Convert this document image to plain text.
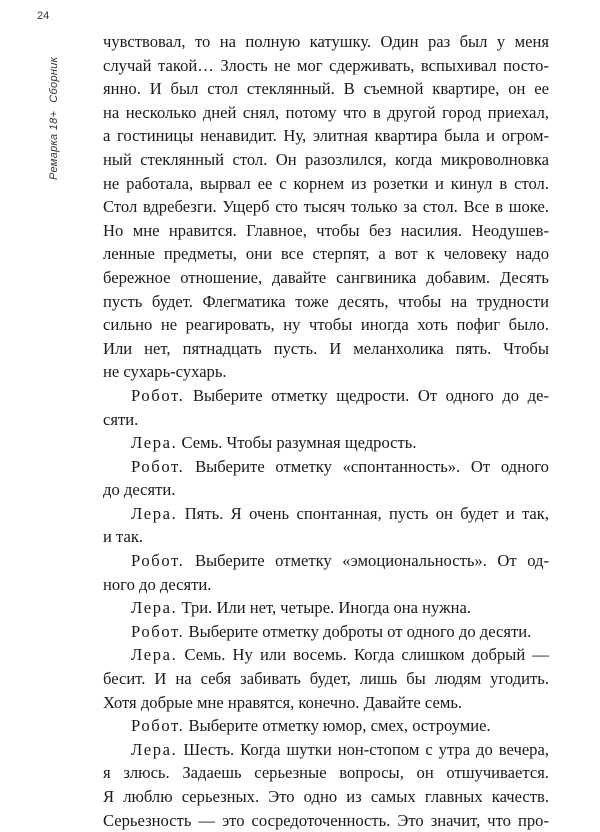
24
Ремарка 18+Сборник
чувствовал, то на полную катушку. Один раз был у меня
случай такой… Злость не мог сдерживать, вспыхивал посто-
янно. И был стол стеклянный. В съемной квартире, он ее
на несколько дней снял, потому что в другой город приехал,
а гостиницы ненавидит. Ну, элитная квартира была и огром-
ный стеклянный стол. Он разозлился, когда микроволновка
не работала, вырвал ее с корнем из розетки и кинул в стол.
Стол вдребезги. Ущерб сто тысяч только за стол. Все в шоке.
Но мне нравится. Главное, чтобы без насилия. Неодушев-
ленные предметы, они все стерпят, а вот к человеку надо
бережное отношение, давайте сангвиника добавим. Десять
пусть будет. Флегматика тоже десять, чтобы на трудности
сильно не реагировать, ну чтобы иногда хоть пофиг было.
Или нет, пятнадцать пусть. И меланхолика пять. Чтобы
не сухарь-сухарь.
Робот. Выберите отметку щедрости. От одного до де-
сяти.
Лера. Семь. Чтобы разумная щедрость.
Робот. Выберите отметку «спонтанность». От одного
до десяти.
Лера. Пять. Я очень спонтанная, пусть он будет и так,
и так.
Робот. Выберите отметку «эмоциональность». От од-
ного до десяти.
Лера. Три. Или нет, четыре. Иногда она нужна.
Робот. Выберите отметку доброты от одного до десяти.
Лера. Семь. Ну или восемь. Когда слишком добрый —
бесит. И на себя забивать будет, лишь бы людям угодить.
Хотя добрые мне нравятся, конечно. Давайте семь.
Робот. Выберите отметку юмор, смех, остроумие.
Лера. Шесть. Когда шутки нон-стопом с утра до вечера,
я злюсь. Задаешь серьезные вопросы, он отшучивается.
Я люблю серьезных. Это одно из самых главных качеств.
Серьезность — это сосредоточенность. Это значит, что про-
